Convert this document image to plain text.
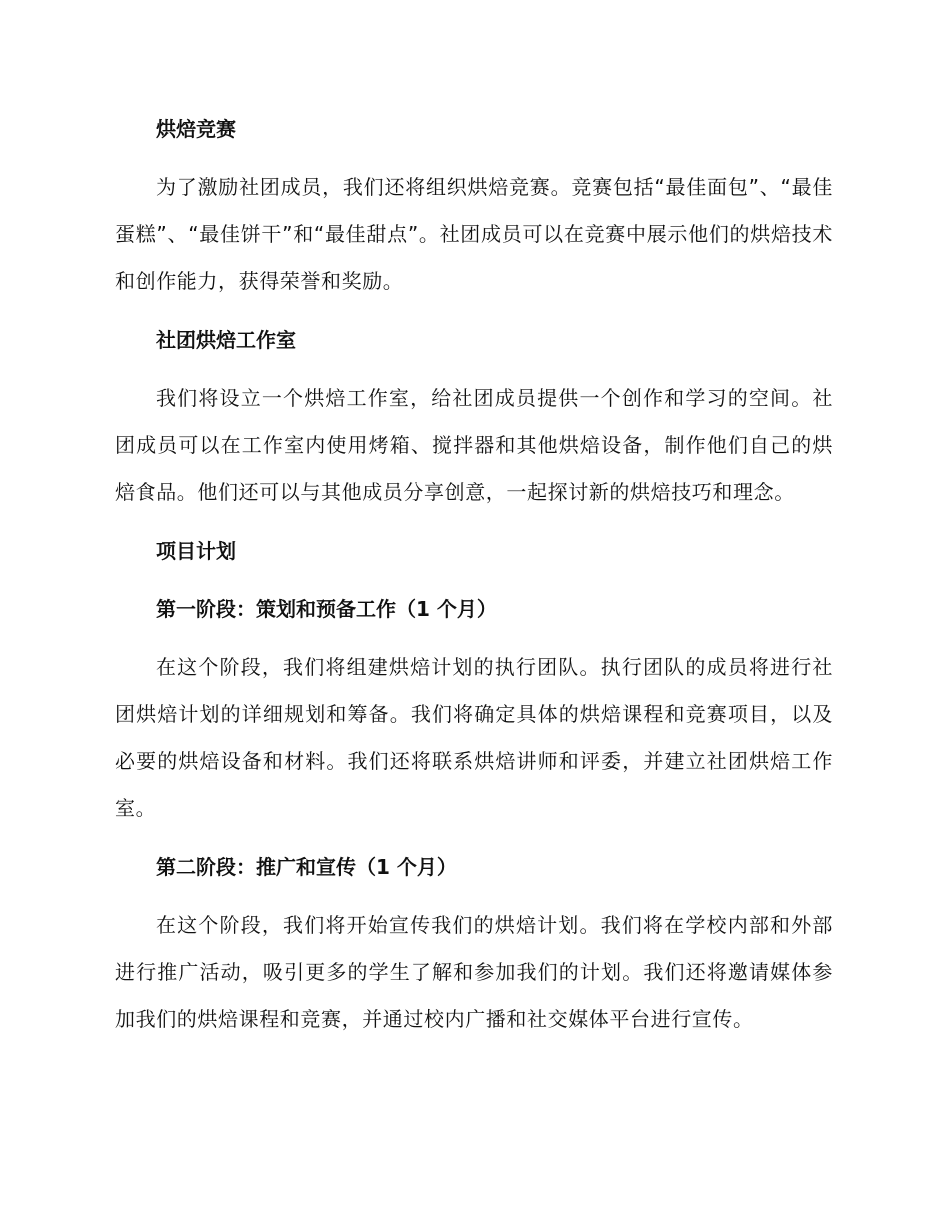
烘焙竞赛

为了激励社团成员，我们还将组织烘焙竞赛。竞赛包括“最佳面包”、“最佳蛋糕”、“最佳饼干”和“最佳甜点”。社团成员可以在竞赛中展示他们的烘焙技术和创作能力，获得荣誉和奖励。

社团烘焙工作室

我们将设立一个烘焙工作室，给社团成员提供一个创作和学习的空间。社团成员可以在工作室内使用烤箱、搅拌器和其他烘焙设备，制作他们自己的烘焙食品。他们还可以与其他成员分享创意，一起探讨新的烘焙技巧和理念。

项目计划
第一阶段：策划和预备工作（1 个月）

在这个阶段，我们将组建烘焙计划的执行团队。执行团队的成员将进行社团烘焙计划的详细规划和筹备。我们将确定具体的烘焙课程和竞赛项目，以及必要的烘焙设备和材料。我们还将联系烘焙讲师和评委，并建立社团烘焙工作室。

第二阶段：推广和宣传（1 个月）

在这个阶段，我们将开始宣传我们的烘焙计划。我们将在学校内部和外部进行推广活动，吸引更多的学生了解和参加我们的计划。我们还将邀请媒体参加我们的烘焙课程和竞赛，并通过校内广播和社交媒体平台进行宣传。
